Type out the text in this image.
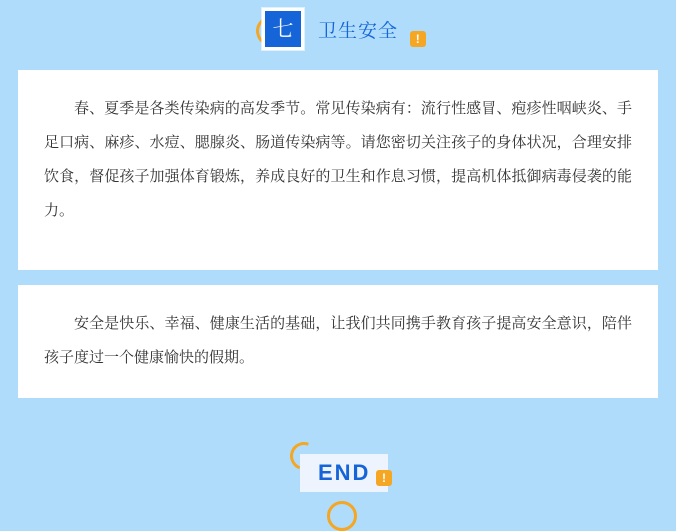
七	卫生安全 !

春、夏季是各类传染病的高发季节。常见传染病有：流行性感冒、疱疹性咽峡炎、手足口病、麻疹、水痘、腮腺炎、肠道传染病等。请您密切关注孩子的身体状况，合理安排饮食，督促孩子加强体育锻炼，养成良好的卫生和作息习惯，提高机体抵御病毒侵袭的能力。

安全是快乐、幸福、健康生活的基础，让我们共同携手教育孩子提高安全意识，陪伴孩子度过一个健康愉快的假期。

END !
